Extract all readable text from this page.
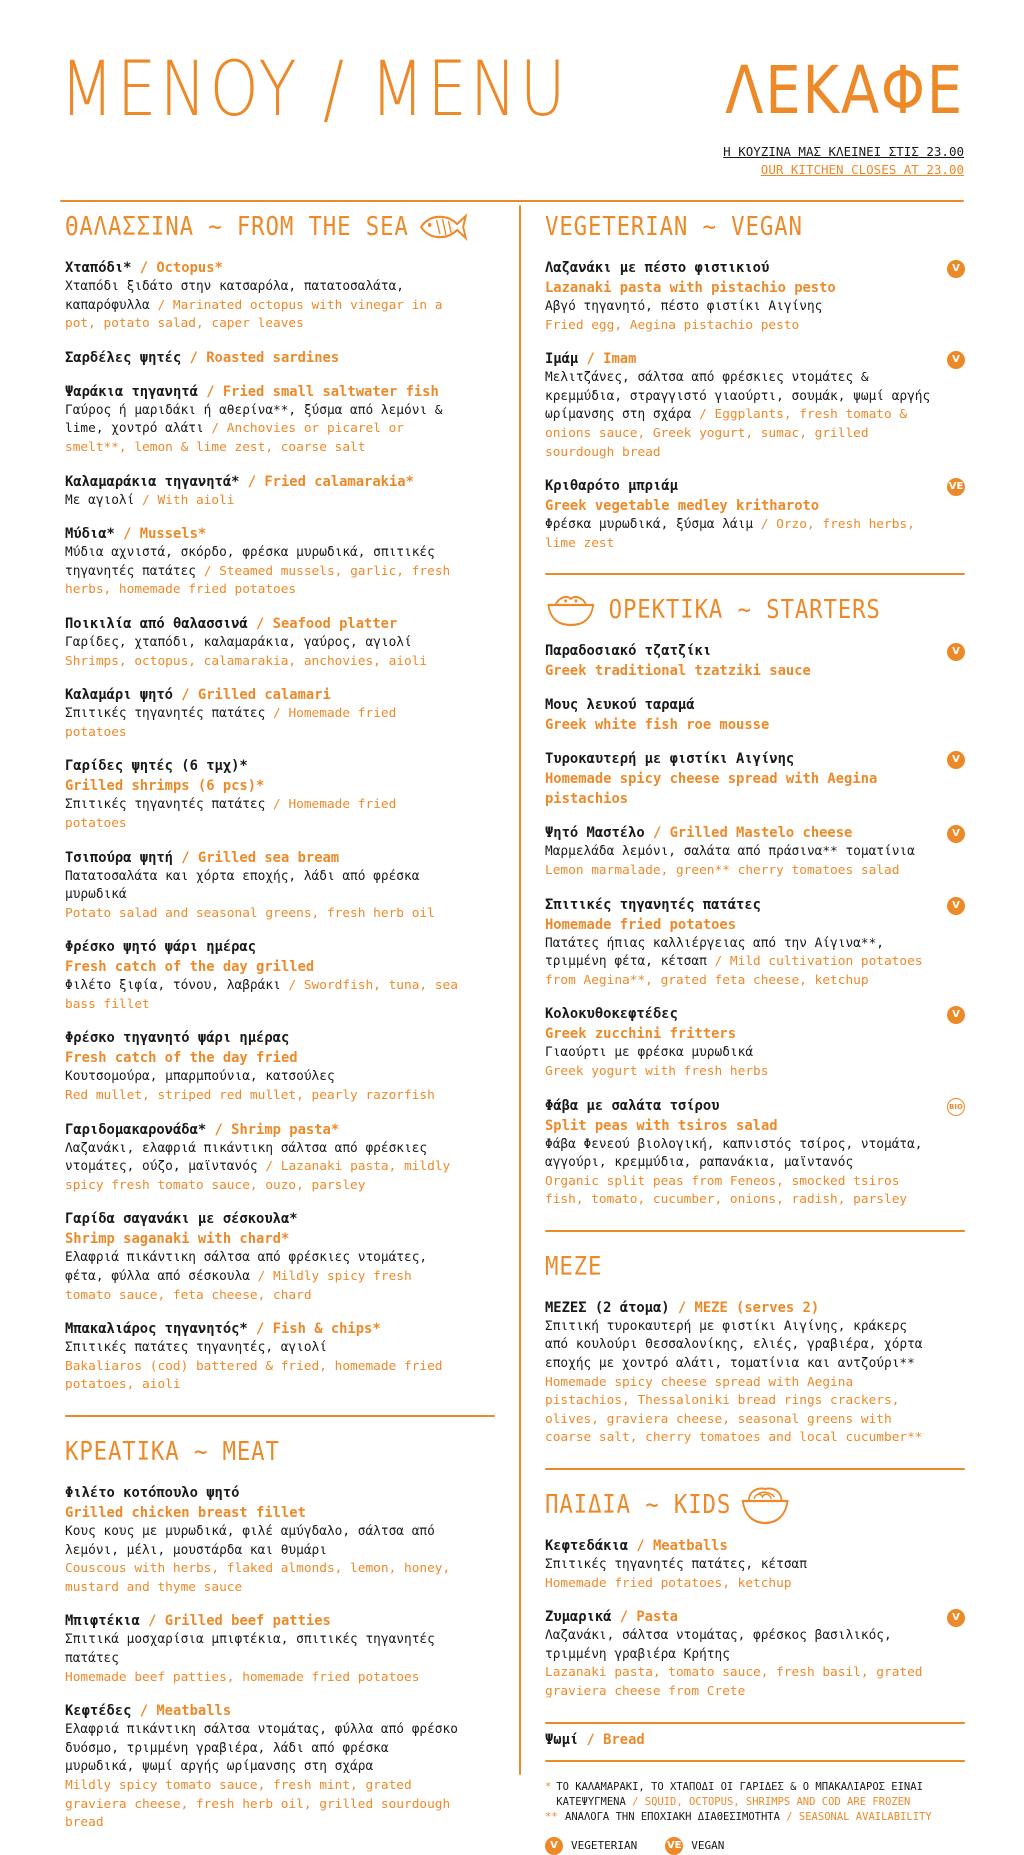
MENOY / MENU ΛΕΚΑΦΕ
Η ΚΟΥΖΙΝΑ ΜΑΣ ΚΛΕΙΝΕΙ ΣΤΙΣ 23.00
OUR KITCHEN CLOSES AT 23.00
ΘΑΛΑΣΣΙΝΑ ~ FROM THE SEA
Χταπόδι* / Octopus*
Χταπόδι ξιδάτο στην κατσαρόλα, πατατοσαλάτα, καπαρόφυλλα / Marinated octopus with vinegar in a pot, potato salad, caper leaves
Σαρδέλες ψητές / Roasted sardines
Ψαράκια τηγανητά / Fried small saltwater fish
Γαύρος ή μαριδάκι ή αθερίνα**, ξύσμα από λεμόνι & lime, χοντρό αλάτι / Anchovies or picarel or smelt**, lemon & lime zest, coarse salt
Καλαμαράκια τηγανητά* / Fried calamarakia*
Με αγιολί / With aioli
Μύδια* / Mussels*
Μύδια αχνιστά, σκόρδο, φρέσκα μυρωδικά, σπιτικές τηγανητές πατάτες / Steamed mussels, garlic, fresh herbs, homemade fried potatoes
Ποικιλία από θαλασσινά / Seafood platter
Γαρίδες, χταπόδι, καλαμαράκια, γαύρος, αγιολί
Shrimps, octopus, calamarakia, anchovies, aioli
Καλαμάρι ψητό / Grilled calamari
Σπιτικές τηγανητές πατάτες / Homemade fried potatoes
Γαρίδες ψητές (6 τμχ)*
Grilled shrimps (6 pcs)*
Σπιτικές τηγανητές πατάτες / Homemade fried potatoes
Τσιπούρα ψητή / Grilled sea bream
Πατατοσαλάτα και χόρτα εποχής, λάδι από φρέσκα μυρωδικά
Potato salad and seasonal greens, fresh herb oil
Φρέσκο ψητό ψάρι ημέρας
Fresh catch of the day grilled
Φιλέτο ξιφία, τόνου, λαβράκι / Swordfish, tuna, sea bass fillet
Φρέσκο τηγανητό ψάρι ημέρας
Fresh catch of the day fried
Κουτσομούρα, μπαρμπούνια, κατσούλες
Red mullet, striped red mullet, pearly razorfish
Γαριδομακαρονάδα* / Shrimp pasta*
Λαζανάκι, ελαφριά πικάντικη σάλτσα από φρέσκιες ντομάτες, ούζο, μαϊντανός / Lazanaki pasta, mildly spicy fresh tomato sauce, ouzo, parsley
Γαρίδα σαγανάκι με σέσκουλα*
Shrimp saganaki with chard*
Ελαφριά πικάντικη σάλτσα από φρέσκιες ντομάτες, φέτα, φύλλα από σέσκουλα / Mildly spicy fresh tomato sauce, feta cheese, chard
Μπακαλιάρος τηγανητός* / Fish & chips*
Σπιτικές πατάτες τηγανητές, αγιολί
Bakaliaros (cod) battered & fried, homemade fried potatoes, aioli
ΚΡΕΑΤΙΚΑ ~ MEAT
Φιλέτο κοτόπουλο ψητό
Grilled chicken breast fillet
Κους κους με μυρωδικά, φιλέ αμύγδαλο, σάλτσα από λεμόνι, μέλι, μουστάρδα και θυμάρι
Couscous with herbs, flaked almonds, lemon, honey, mustard and thyme sauce
Μπιφτέκια / Grilled beef patties
Σπιτικά μοσχαρίσια μπιφτέκια, σπιτικές τηγανητές πατάτες
Homemade beef patties, homemade fried potatoes
Κεφτέδες / Meatballs
Ελαφριά πικάντικη σάλτσα ντομάτας, φύλλα από φρέσκο δυόσμο, τριμμένη γραβιέρα, λάδι από φρέσκα μυρωδικά, ψωμί αργής ωρίμανσης στη σχάρα
Mildly spicy tomato sauce, fresh mint, grated graviera cheese, fresh herb oil, grilled sourdough bread
VEGETERIAN ~ VEGAN
Λαζανάκι με πέστο φιστικιού
Lazanaki pasta with pistachio pesto
Αβγό τηγανητό, πέστο φιστίκι Αιγίνης
Fried egg, Aegina pistachio pesto
V
Ιμάμ / Imam
Μελιτζάνες, σάλτσα από φρέσκιες ντομάτες & κρεμμύδια, στραγγιστό γιαούρτι, σουμάκ, ψωμί αργής ωρίμανσης στη σχάρα / Eggplants, fresh tomato & onions sauce, Greek yogurt, sumac, grilled sourdough bread
V
Κριθαρότο μπριάμ
Greek vegetable medley kritharoto
Φρέσκα μυρωδικά, ξύσμα λάιμ / Orzo, fresh herbs, lime zest
VE
ΟΡΕΚΤΙΚΑ ~ STARTERS
Παραδοσιακό τζατζίκι
Greek traditional tzatziki sauce
V
Μους λευκού ταραμά
Greek white fish roe mousse
Τυροκαυτερή με φιστίκι Αιγίνης
Homemade spicy cheese spread with Aegina pistachios
V
Ψητό Μαστέλο / Grilled Mastelo cheese
Μαρμελάδα λεμόνι, σαλάτα από πράσινα** τοματίνια
Lemon marmalade, green** cherry tomatoes salad
V
Σπιτικές τηγανητές πατάτες
Homemade fried potatoes
Πατάτες ήπιας καλλιέργειας από την Αίγινα**, τριμμένη φέτα, κέτσαπ / Mild cultivation potatoes from Aegina**, grated feta cheese, ketchup
V
Κολοκυθοκεφτέδες
Greek zucchini fritters
Γιαούρτι με φρέσκα μυρωδικά
Greek yogurt with fresh herbs
V
Φάβα με σαλάτα τσίρου
Split peas with tsiros salad
Φάβα Φενεού βιολογική, καπνιστός τσίρος, ντομάτα, αγγούρι, κρεμμύδια, ραπανάκια, μαϊντανός
Organic split peas from Feneos, smocked tsiros fish, tomato, cucumber, onions, radish, parsley
BIO
ΜΕΖΕ
ΜΕΖΕΣ (2 άτομα) / MEZE (serves 2)
Σπιτική τυροκαυτερή με φιστίκι Αιγίνης, κράκερς από κουλούρι Θεσσαλονίκης, ελιές, γραβιέρα, χόρτα εποχής με χοντρό αλάτι, τοματίνια και αντζούρι**
Homemade spicy cheese spread with Aegina pistachios, Thessaloniki bread rings crackers, olives, graviera cheese, seasonal greens with coarse salt, cherry tomatoes and local cucumber**
ΠΑΙΔΙΑ ~ KIDS
Κεφτεδάκια / Meatballs
Σπιτικές τηγανητές πατάτες, κέτσαπ
Homemade fried potatoes, ketchup
Ζυμαρικά / Pasta
Λαζανάκι, σάλτσα ντομάτας, φρέσκος βασιλικός, τριμμένη γραβιέρα Κρήτης
Lazanaki pasta, tomato sauce, fresh basil, grated graviera cheese from Crete
V
Ψωμί / Bread
* ΤΟ ΚΑΛΑΜΑΡΑΚΙ, ΤΟ ΧΤΑΠΟΔΙ ΟΙ ΓΑΡΙΔΕΣ & Ο ΜΠΑΚΑΛΙΑΡΟΣ ΕΙΝΑΙ ΚΑΤΕΨΥΓΜΕΝΑ / SQUID, OCTOPUS, SHRIMPS AND COD ARE FROZEN
** ΑΝΑΛΟΓΑ ΤΗΝ ΕΠΟΧΙΑΚΗ ΔΙΑΘΕΣΙΜΟΤΗΤΑ / SEASONAL AVAILABILITY
V	VEGETERIAN	VE VEGAN
